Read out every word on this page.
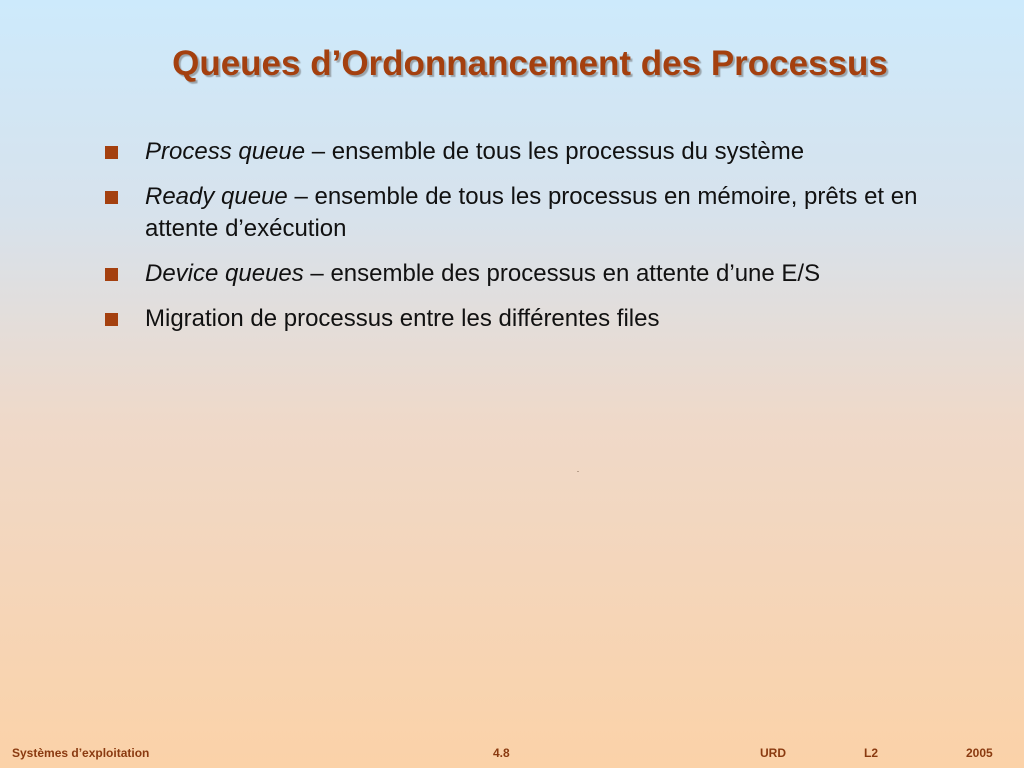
Queues d’Ordonnancement des Processus
Process queue – ensemble de tous les processus du système
Ready queue – ensemble de tous les processus en mémoire, prêts et en attente d’exécution
Device queues – ensemble des processus en attente d’une E/S
Migration de processus entre les différentes files
Systèmes d’exploitation	4.8	URD	L2	2005
